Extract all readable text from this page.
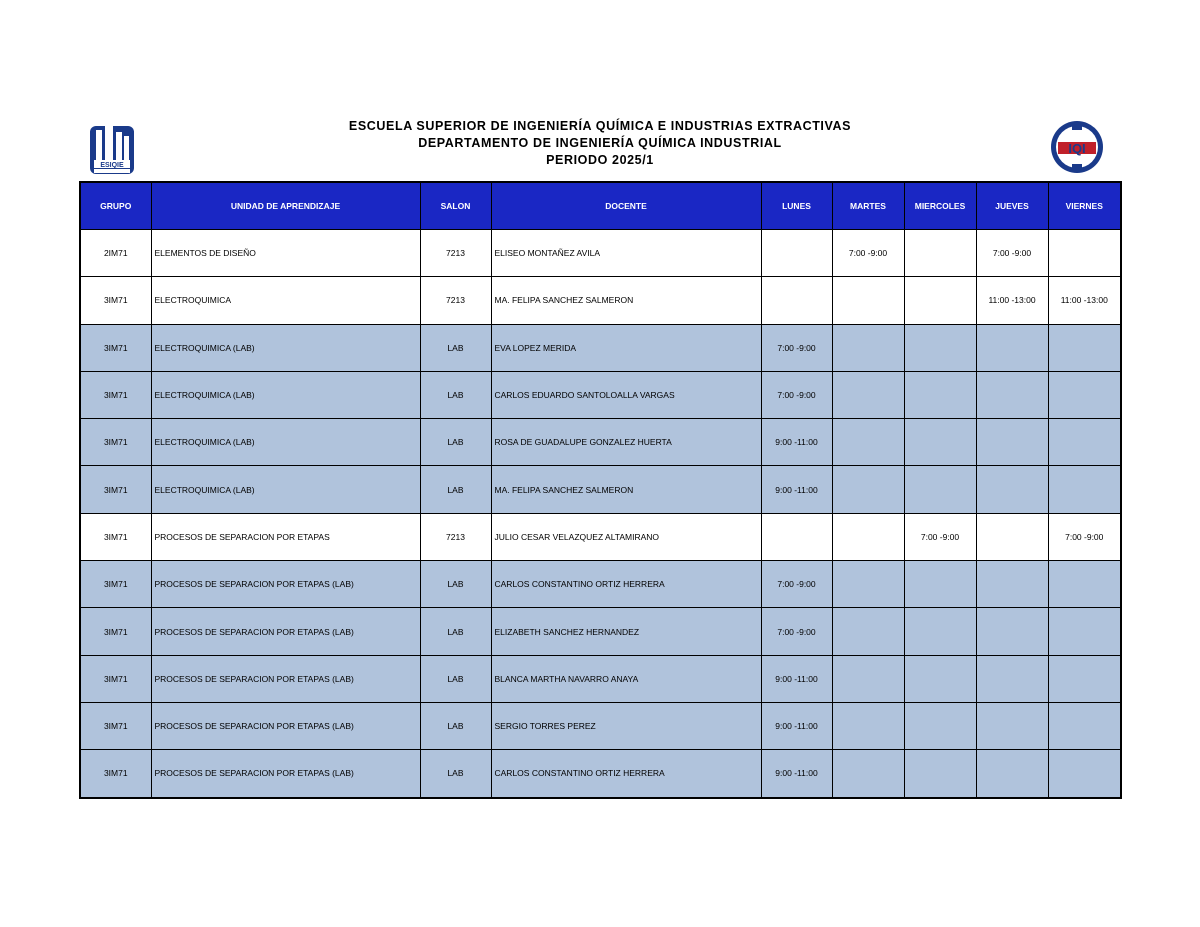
ESIQIE
IQI
ESCUELA SUPERIOR DE INGENIERÍA QUÍMICA E INDUSTRIAS EXTRACTIVAS
DEPARTAMENTO DE INGENIERÍA QUÍMICA INDUSTRIAL
PERIODO 2025/1
GRUPO	UNIDAD DE APRENDIZAJE	SALON	DOCENTE	LUNES	MARTES	MIERCOLES	JUEVES	VIERNES
2IM71	ELEMENTOS DE DISEÑO	7213	ELISEO MONTAÑEZ AVILA		7:00 -9:00		7:00 -9:00	
3IM71	ELECTROQUIMICA	7213	MA. FELIPA SANCHEZ SALMERON				11:00 -13:00	11:00 -13:00
3IM71	ELECTROQUIMICA (LAB)	LAB	EVA LOPEZ MERIDA	7:00 -9:00				
3IM71	ELECTROQUIMICA (LAB)	LAB	CARLOS EDUARDO SANTOLOALLA VARGAS	7:00 -9:00				
3IM71	ELECTROQUIMICA (LAB)	LAB	ROSA DE GUADALUPE GONZALEZ HUERTA	9:00 -11:00				
3IM71	ELECTROQUIMICA (LAB)	LAB	MA. FELIPA SANCHEZ SALMERON	9:00 -11:00				
3IM71	PROCESOS DE SEPARACION POR ETAPAS	7213	JULIO CESAR VELAZQUEZ ALTAMIRANO			7:00 -9:00		7:00 -9:00
3IM71	PROCESOS DE SEPARACION POR ETAPAS (LAB)	LAB	CARLOS CONSTANTINO ORTIZ HERRERA	7:00 -9:00				
3IM71	PROCESOS DE SEPARACION POR ETAPAS (LAB)	LAB	ELIZABETH SANCHEZ HERNANDEZ	7:00 -9:00				
3IM71	PROCESOS DE SEPARACION POR ETAPAS (LAB)	LAB	BLANCA MARTHA NAVARRO ANAYA	9:00 -11:00				
3IM71	PROCESOS DE SEPARACION POR ETAPAS (LAB)	LAB	SERGIO TORRES PEREZ	9:00 -11:00				
3IM71	PROCESOS DE SEPARACION POR ETAPAS (LAB)	LAB	CARLOS CONSTANTINO ORTIZ HERRERA	9:00 -11:00				
